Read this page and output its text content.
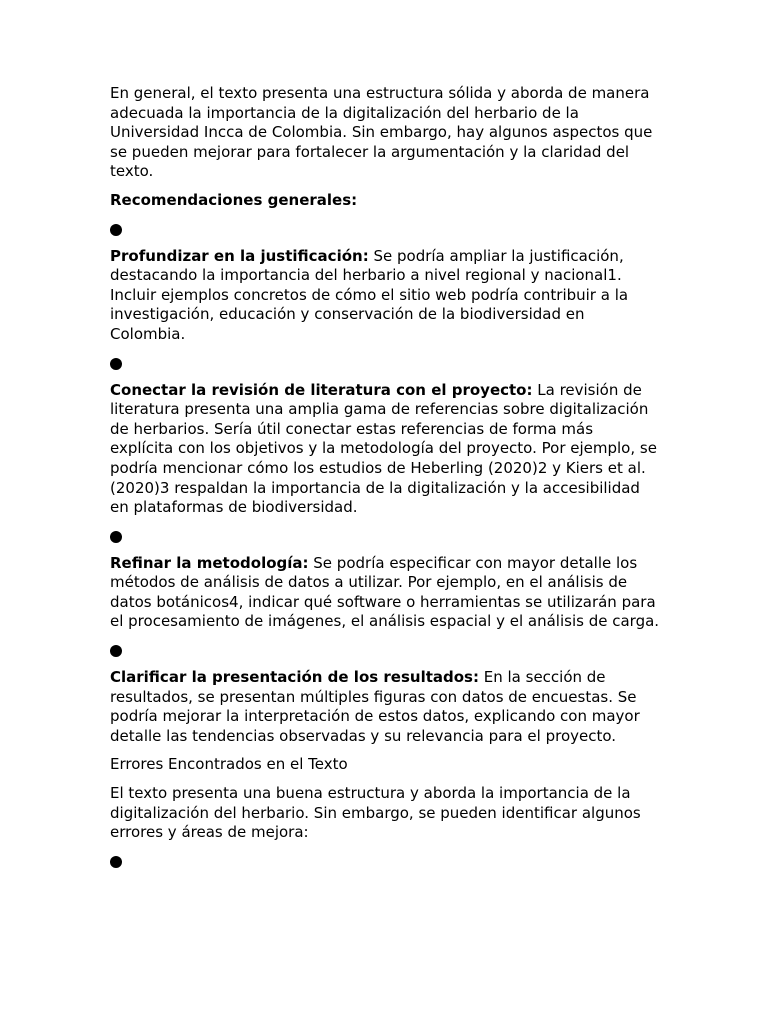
En general, el texto presenta una estructura sólida y aborda de manera adecuada la importancia de la digitalización del herbario de la Universidad Incca de Colombia. Sin embargo, hay algunos aspectos que se pueden mejorar para fortalecer la argumentación y la claridad del texto.

Recomendaciones generales:

Profundizar en la justificación: Se podría ampliar la justificación, destacando la importancia del herbario a nivel regional y nacional1. Incluir ejemplos concretos de cómo el sitio web podría contribuir a la investigación, educación y conservación de la biodiversidad en Colombia.

Conectar la revisión de literatura con el proyecto: La revisión de literatura presenta una amplia gama de referencias sobre digitalización de herbarios. Sería útil conectar estas referencias de forma más explícita con los objetivos y la metodología del proyecto. Por ejemplo, se podría mencionar cómo los estudios de Heberling (2020)2 y Kiers et al. (2020)3 respaldan la importancia de la digitalización y la accesibilidad en plataformas de biodiversidad.

Refinar la metodología: Se podría especificar con mayor detalle los métodos de análisis de datos a utilizar. Por ejemplo, en el análisis de datos botánicos4, indicar qué software o herramientas se utilizarán para el procesamiento de imágenes, el análisis espacial y el análisis de carga.

Clarificar la presentación de los resultados: En la sección de resultados, se presentan múltiples figuras con datos de encuestas. Se podría mejorar la interpretación de estos datos, explicando con mayor detalle las tendencias observadas y su relevancia para el proyecto.

Errores Encontrados en el Texto

El texto presenta una buena estructura y aborda la importancia de la digitalización del herbario. Sin embargo, se pueden identificar algunos errores y áreas de mejora:
